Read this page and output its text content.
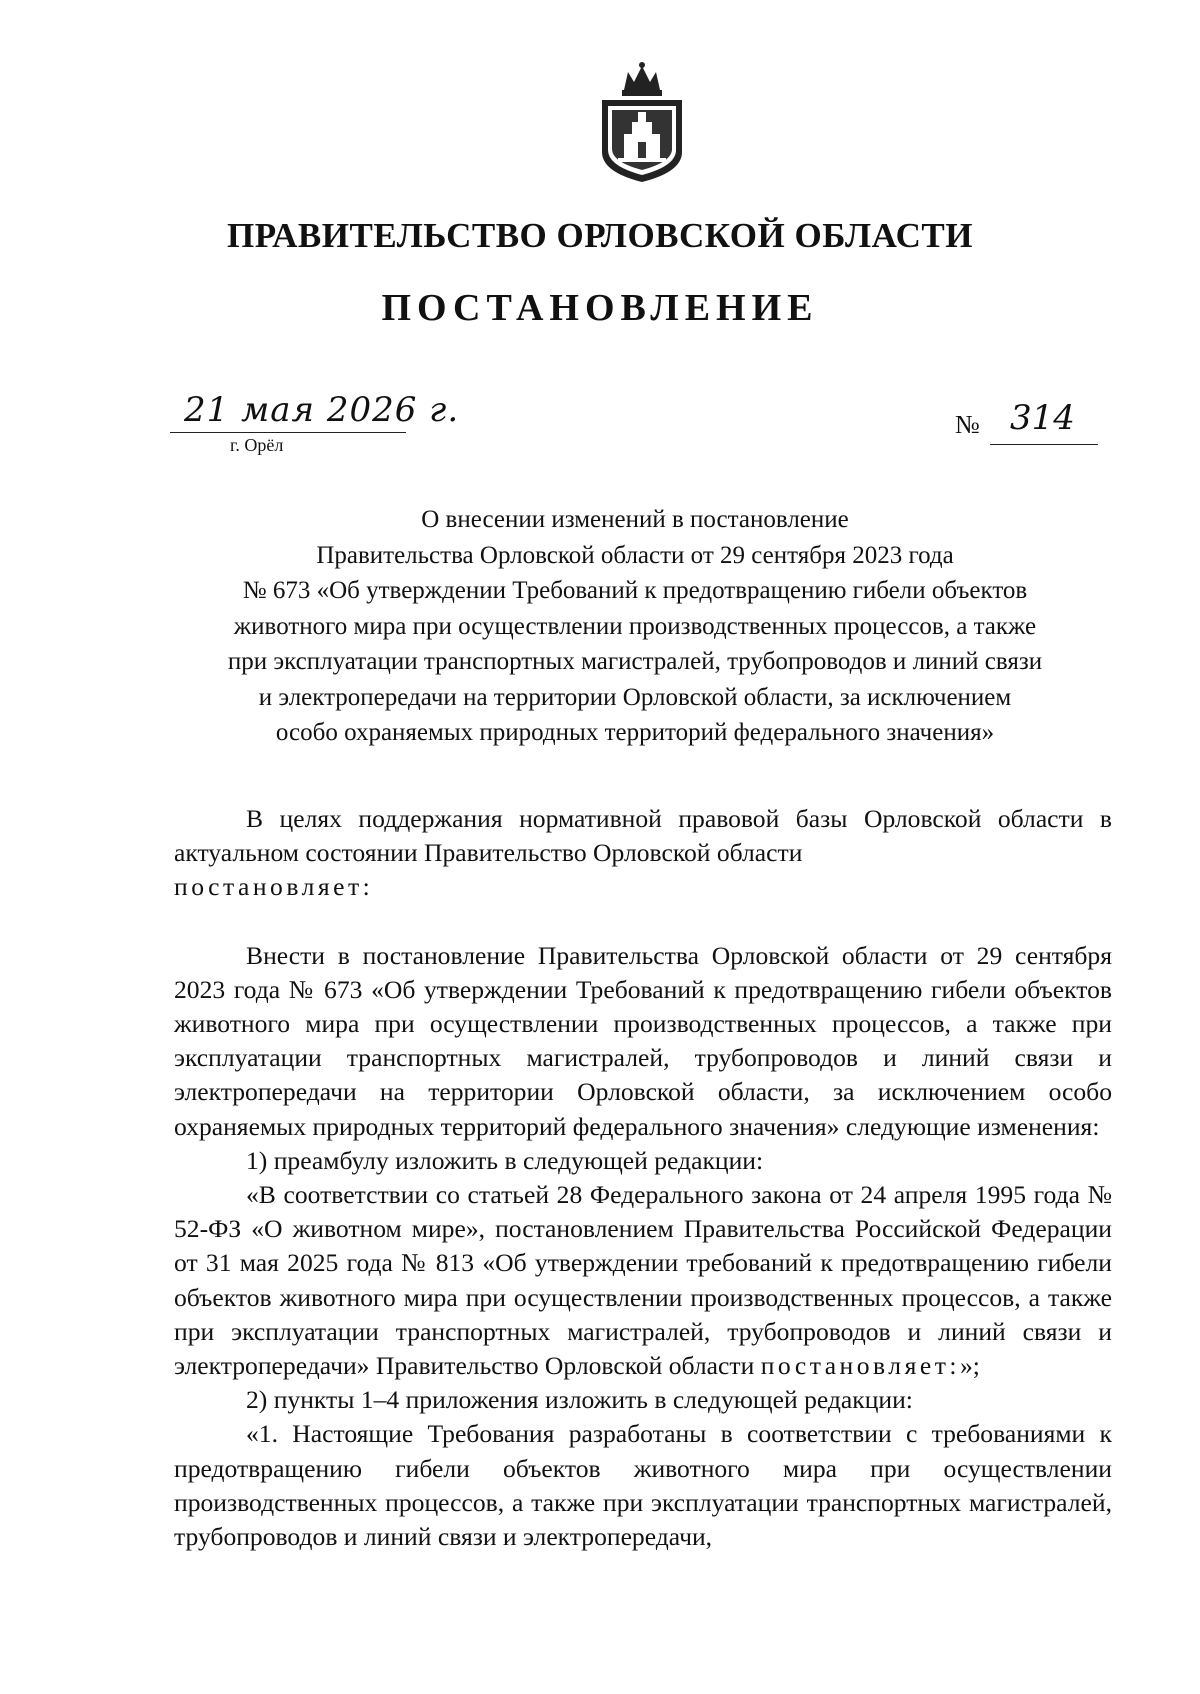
ПРАВИТЕЛЬСТВО ОРЛОВСКОЙ ОБЛАСТИ
ПОСТАНОВЛЕНИЕ
21 мая 2026 г.
г. Орёл
№ 314
О внесении изменений в постановление
Правительства Орловской области от 29 сентября 2023 года
№ 673 «Об утверждении Требований к предотвращению гибели объектов
животного мира при осуществлении производственных процессов, а также
при эксплуатации транспортных магистралей, трубопроводов и линий связи
и электропередачи на территории Орловской области, за исключением
особо охраняемых природных территорий федерального значения»

В целях поддержания нормативной правовой базы Орловской области в актуальном состоянии Правительство Орловской области
постановляет:

Внести в постановление Правительства Орловской области от 29 сентября 2023 года № 673 «Об утверждении Требований к предотвращению гибели объектов животного мира при осуществлении производственных процессов, а также при эксплуатации транспортных магистралей, трубопроводов и линий связи и электропередачи на территории Орловской области, за исключением особо охраняемых природных территорий федерального значения» следующие изменения:

1) преамбулу изложить в следующей редакции:

«В соответствии со статьей 28 Федерального закона от 24 апреля 1995 года № 52-ФЗ «О животном мире», постановлением Правительства Российской Федерации от 31 мая 2025 года № 813 «Об утверждении требований к предотвращению гибели объектов животного мира при осуществлении производственных процессов, а также при эксплуатации транспортных магистралей, трубопроводов и линий связи и электропередачи» Правительство Орловской области постановляет:»;

2) пункты 1–4 приложения изложить в следующей редакции:

«1. Настоящие Требования разработаны в соответствии с требованиями к предотвращению гибели объектов животного мира при осуществлении производственных процессов, а также при эксплуатации транспортных магистралей, трубопроводов и линий связи и электропередачи,
